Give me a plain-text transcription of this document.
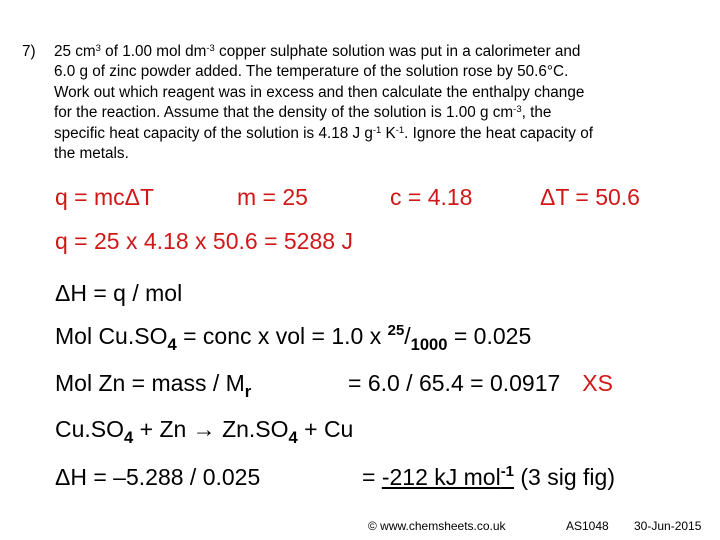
7) 25 $cm^3$ of 1.00 mol $dm^{-3}$ copper sulphate solution was put in a calorimeter and
6.0 g of zinc powder added. The temperature of the solution rose by 50.6°C.
Work out which reagent was in excess and then calculate the enthalpy change
for the reaction. Assume that the density of the solution is 1.00 g $cm^{-3}$, the
specific heat capacity of the solution is 4.18 J $g^{-1}$ $K^{-1}$. Ignore the heat capacity of
the metals.
q = mcΔT	m = 25	c = 4.18	ΔT = 50.6
q = 25 x 4.18 x 50.6 = 5288 J
ΔH = q / mol
Mol $Cu.SO_4$ = conc x vol = 1.0 x $^{25}/_{1000} = 0.025$
Mol Zn = mass / $M_r$	= 6.0 / 65.4 = 0.0917 XS
$Cu.SO_4 + Zn \to Zn.SO_4 + Cu$
ΔH = –5.288 / 0.025	= -212 kJ mol$^{-1}$ (3 sig fig)
© www.chemsheets.co.uk	AS1048 30-Jun-2015
